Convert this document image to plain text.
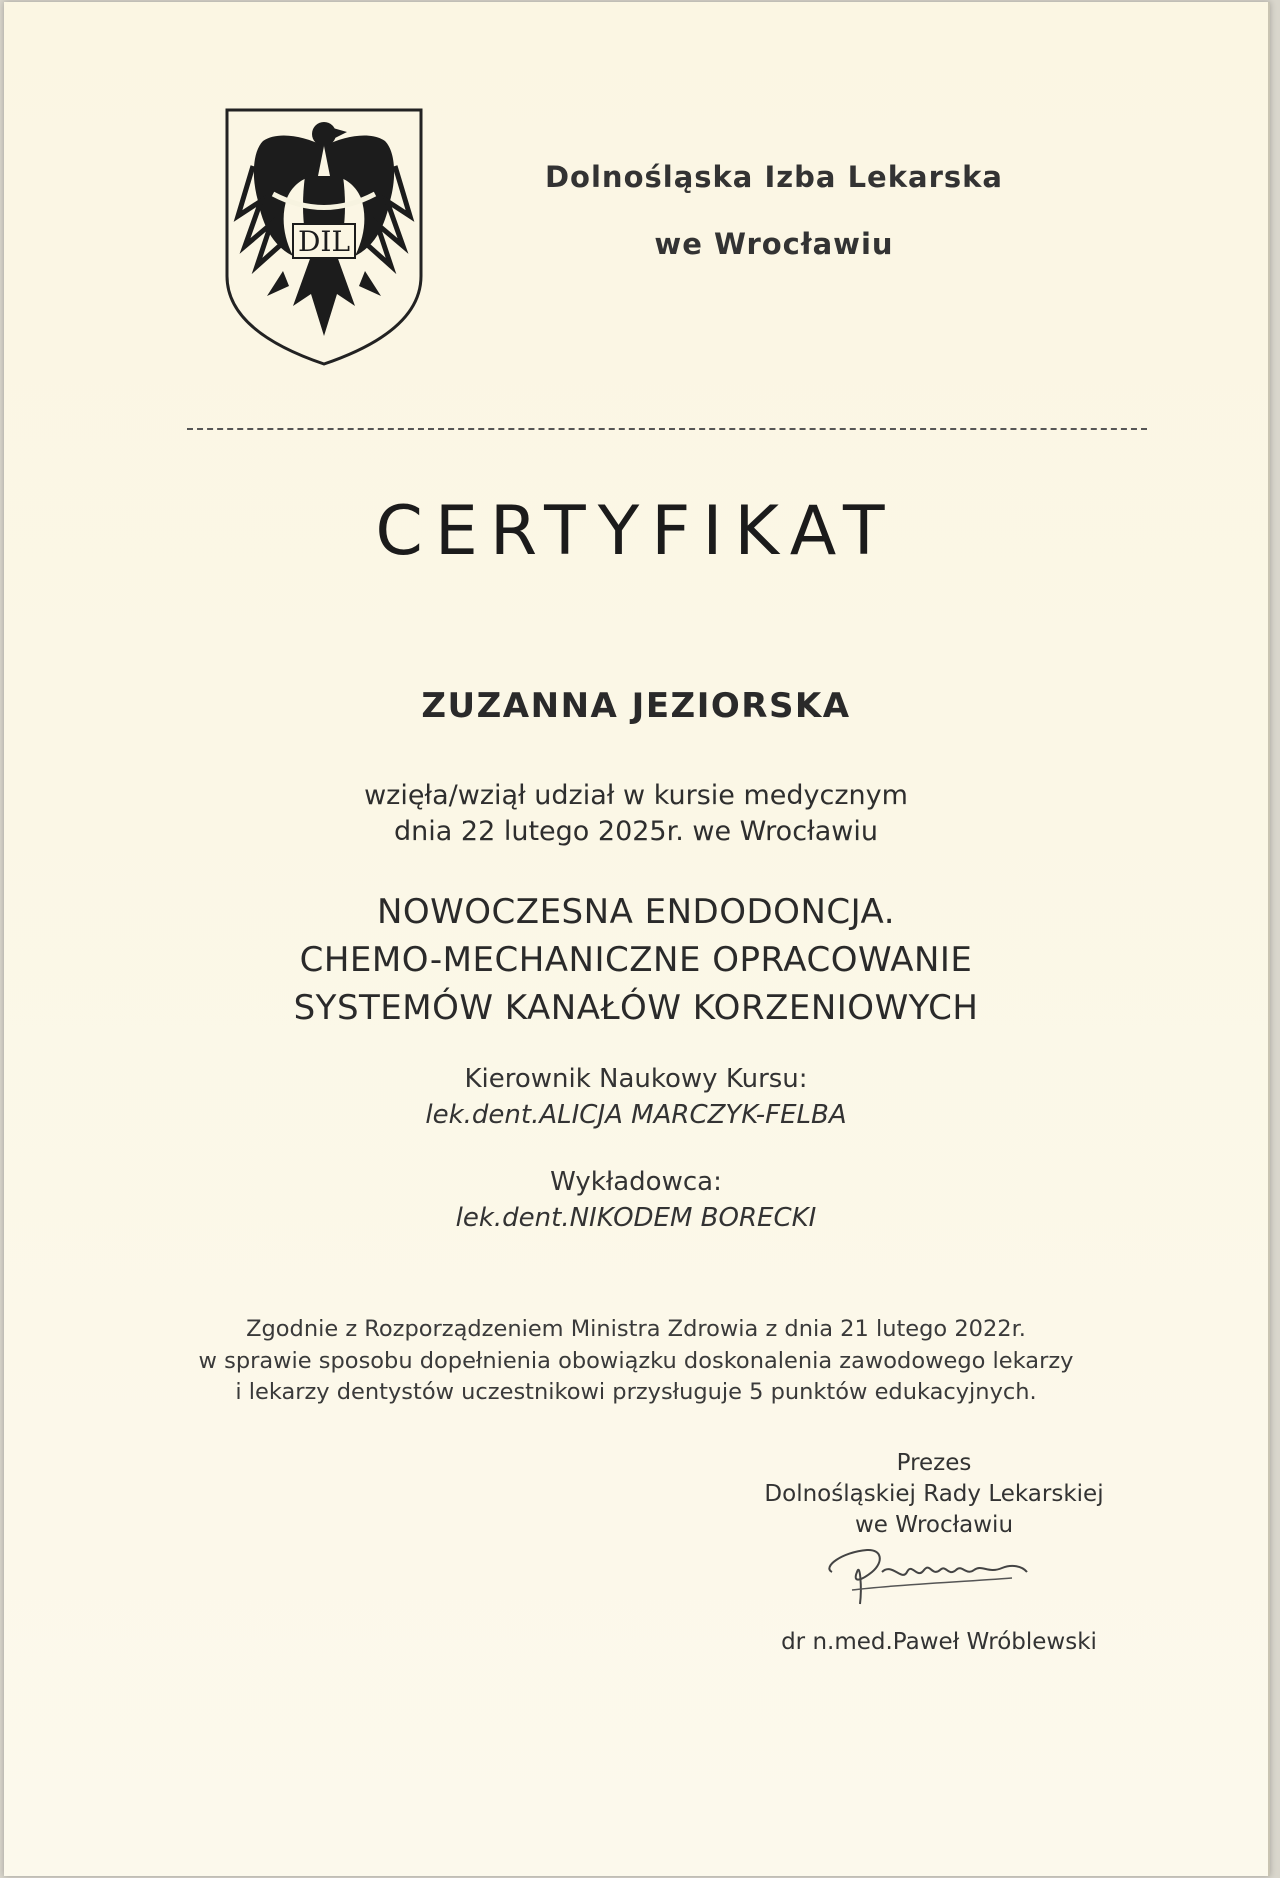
DIL
Dolnośląska Izba Lekarska
we Wrocławiu
CERTYFIKAT
ZUZANNA JEZIORSKA
wzięła/wziął udział w kursie medycznym
dnia 22 lutego 2025r. we Wrocławiu
NOWOCZESNA ENDODONCJA.
CHEMO-MECHANICZNE OPRACOWANIE
SYSTEMÓW KANAŁÓW KORZENIOWYCH
Kierownik Naukowy Kursu:
lek.dent.ALICJA MARCZYK-FELBA
Wykładowca:
lek.dent.NIKODEM BORECKI
Zgodnie z Rozporządzeniem Ministra Zdrowia z dnia 21 lutego 2022r.
w sprawie sposobu dopełnienia obowiązku doskonalenia zawodowego lekarzy
i lekarzy dentystów uczestnikowi przysługuje 5 punktów edukacyjnych.
Prezes
Dolnośląskiej Rady Lekarskiej
we Wrocławiu
dr n.med.Paweł Wróblewski
